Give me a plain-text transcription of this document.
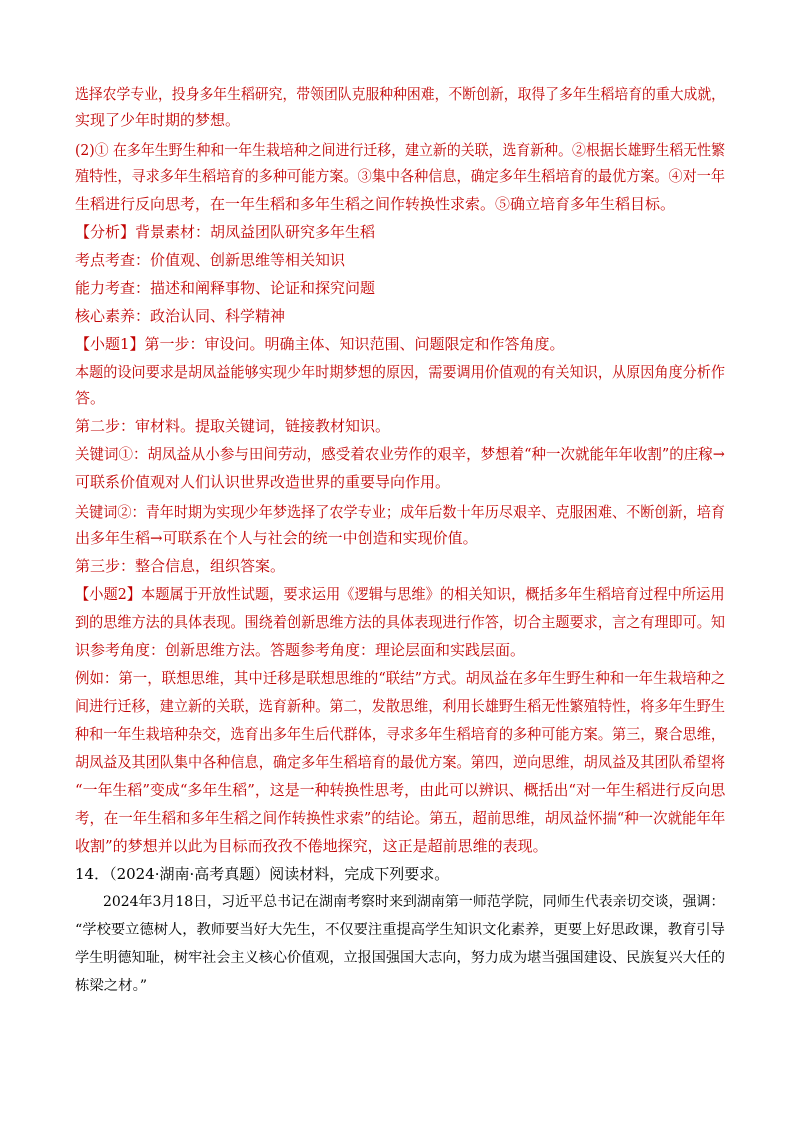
选择农学专业，投身多年生稻研究，带领团队克服种种困难，不断创新，取得了多年生稻培育的重大成就，
实现了少年时期的梦想。
(2)① 在多年生野生种和一年生栽培种之间进行迁移，建立新的关联，选育新种。②根据长雄野生稻无性繁
殖特性，寻求多年生稻培育的多种可能方案。③集中各种信息，确定多年生稻培育的最优方案。④对一年
生稻进行反向思考，在一年生稻和多年生稻之间作转换性求索。⑤确立培育多年生稻目标。
【分析】背景素材：胡凤益团队研究多年生稻
考点考查：价值观、创新思维等相关知识
能力考查：描述和阐释事物、论证和探究问题
核心素养：政治认同、科学精神
【小题1】第一步：审设问。明确主体、知识范围、问题限定和作答角度。
本题的设问要求是胡凤益能够实现少年时期梦想的原因，需要调用价值观的有关知识，从原因角度分析作
答。
第二步：审材料。提取关键词，链接教材知识。
关键词①：胡凤益从小参与田间劳动，感受着农业劳作的艰辛，梦想着“种一次就能年年收割”的庄稼→
可联系价值观对人们认识世界改造世界的重要导向作用。
关键词②：青年时期为实现少年梦选择了农学专业；成年后数十年历尽艰辛、克服困难、不断创新，培育
出多年生稻→可联系在个人与社会的统一中创造和实现价值。
第三步：整合信息，组织答案。
【小题2】本题属于开放性试题，要求运用《逻辑与思维》的相关知识，概括多年生稻培育过程中所运用
到的思维方法的具体表现。围绕着创新思维方法的具体表现进行作答，切合主题要求，言之有理即可。知
识参考角度：创新思维方法。答题参考角度：理论层面和实践层面。
例如：第一，联想思维，其中迁移是联想思维的“联结”方式。胡凤益在多年生野生种和一年生栽培种之
间进行迁移，建立新的关联，选育新种。第二，发散思维，利用长雄野生稻无性繁殖特性，将多年生野生
种和一年生栽培种杂交，选育出多年生后代群体，寻求多年生稻培育的多种可能方案。第三，聚合思维，
胡凤益及其团队集中各种信息，确定多年生稻培育的最优方案。第四，逆向思维，胡凤益及其团队希望将
“一年生稻”变成“多年生稻”，这是一种转换性思考，由此可以辨识、概括出“对一年生稻进行反向思
考，在一年生稻和多年生稻之间作转换性求索”的结论。第五，超前思维，胡凤益怀揣“种一次就能年年
收割”的梦想并以此为目标而孜孜不倦地探究，这正是超前思维的表现。
14．（2024·湖南·高考真题）阅读材料，完成下列要求。
　　2024年3月18日，习近平总书记在湖南考察时来到湖南第一师范学院，同师生代表亲切交谈，强调：
“学校要立德树人，教师要当好大先生，不仅要注重提高学生知识文化素养，更要上好思政课，教育引导
学生明德知耻，树牢社会主义核心价值观，立报国强国大志向，努力成为堪当强国建设、民族复兴大任的
栋梁之材。”
